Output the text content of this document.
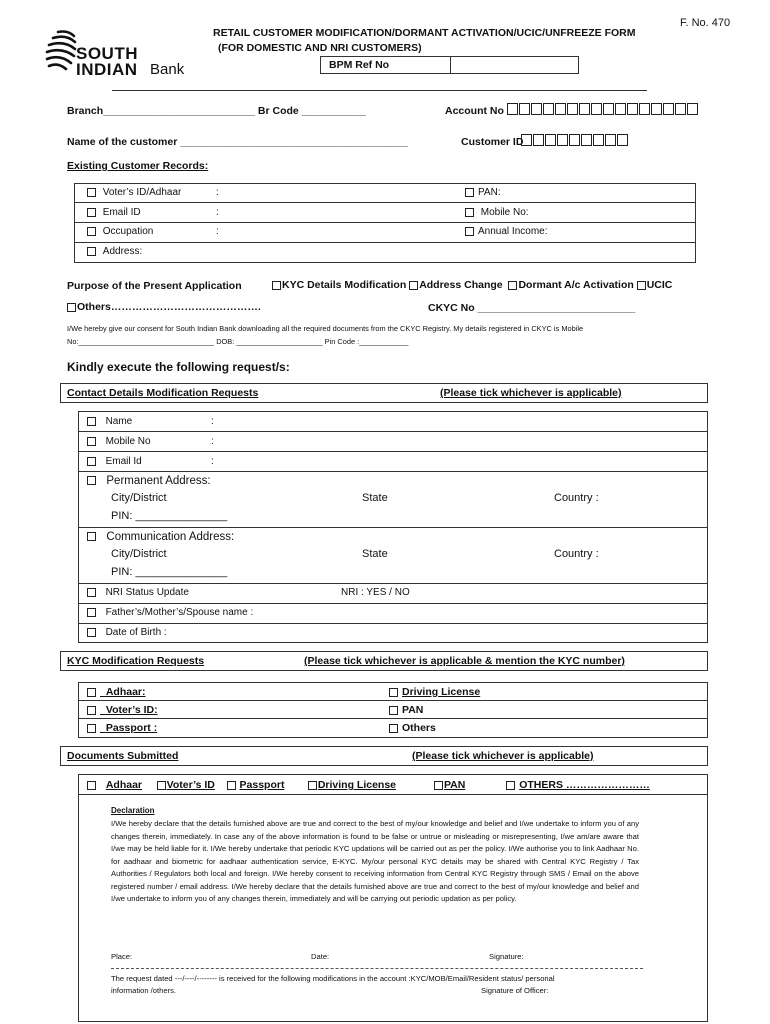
F. No. 470
SOUTH
INDIAN Bank
RETAIL CUSTOMER MODIFICATION/DORMANT ACTIVATION/UCIC/UNFREEZE FORM
(FOR DOMESTIC AND NRI CUSTOMERS)
BPM Ref No
Branch__________________________ Br Code ___________	Account No
Name of the customer _______________________________________	Customer ID
Existing Customer Records:
Voter’s ID/Adhaar	:	PAN:
Email ID	:	Mobile No:
Occupation	:	Annual Income:
Address:
Purpose of the Present Application	KYC Details Modification Address Change Dormant A/c Activation UCIC
Others…………………………………….	CKYC No ___________________________
I/We hereby give our consent for South Indian Bank downloading all the required documents from the CKYC Registry. My details registered in CKYC is Mobile
No:_________________________________ DOB: _____________________ Pin Code :____________
Kindly execute the following request/s:
Contact Details Modification Requests	(Please tick whichever is applicable)
Name	:
Mobile No	:
Email Id	:
Permanent Address:
City/District	State	Country :
PIN: _______________
Communication Address:
City/District	State	Country :
PIN: _______________
NRI Status Update	NRI : YES / NO
Father’s/Mother’s/Spouse name :
Date of Birth :
KYC Modification Requests	(Please tick whichever is applicable & mention the KYC number)
Adhaar:	Driving License
Voter’s ID:	PAN
Passport :	Others
Documents Submitted	(Please tick whichever is applicable)
Adhaar Voter’s ID Passport	Driving License	PAN	OTHERS ……………………
Declaration
I/We hereby declare that the details furnished above are true and correct to the best of my/our knowledge and belief and I/we undertake to inform you of any changes therein, immediately. In case any of the above information is found to be false or untrue or misleading or misrepresenting, I/we am/are aware that I/we may be held liable for it. I/We hereby undertake that periodic KYC updations will be carried out as per the policy. I/We authorise you to link Aadhaar No. for aadhaar and biometric for aadhaar authentication service, E-KYC. My/our personal KYC details may be shared with Central KYC Registry / Tax Authorities / Regulators both local and foreign. I/We hereby consent to receiving information from Central KYC Registry through SMS / Email on the above registered number / email address. I/We hereby declare that the details furnished above are true and correct to the best of my/our knowledge and belief and I/we undertake to inform you of any changes therein, immediately and will be carrying out periodic updation as per policy.
Place:	Date:	Signature:
The request dated ---/----/-------- is received for the following modifications in the account :KYC/MOB/Email/Resident status/ personal
information /others.	Signature of Officer:
